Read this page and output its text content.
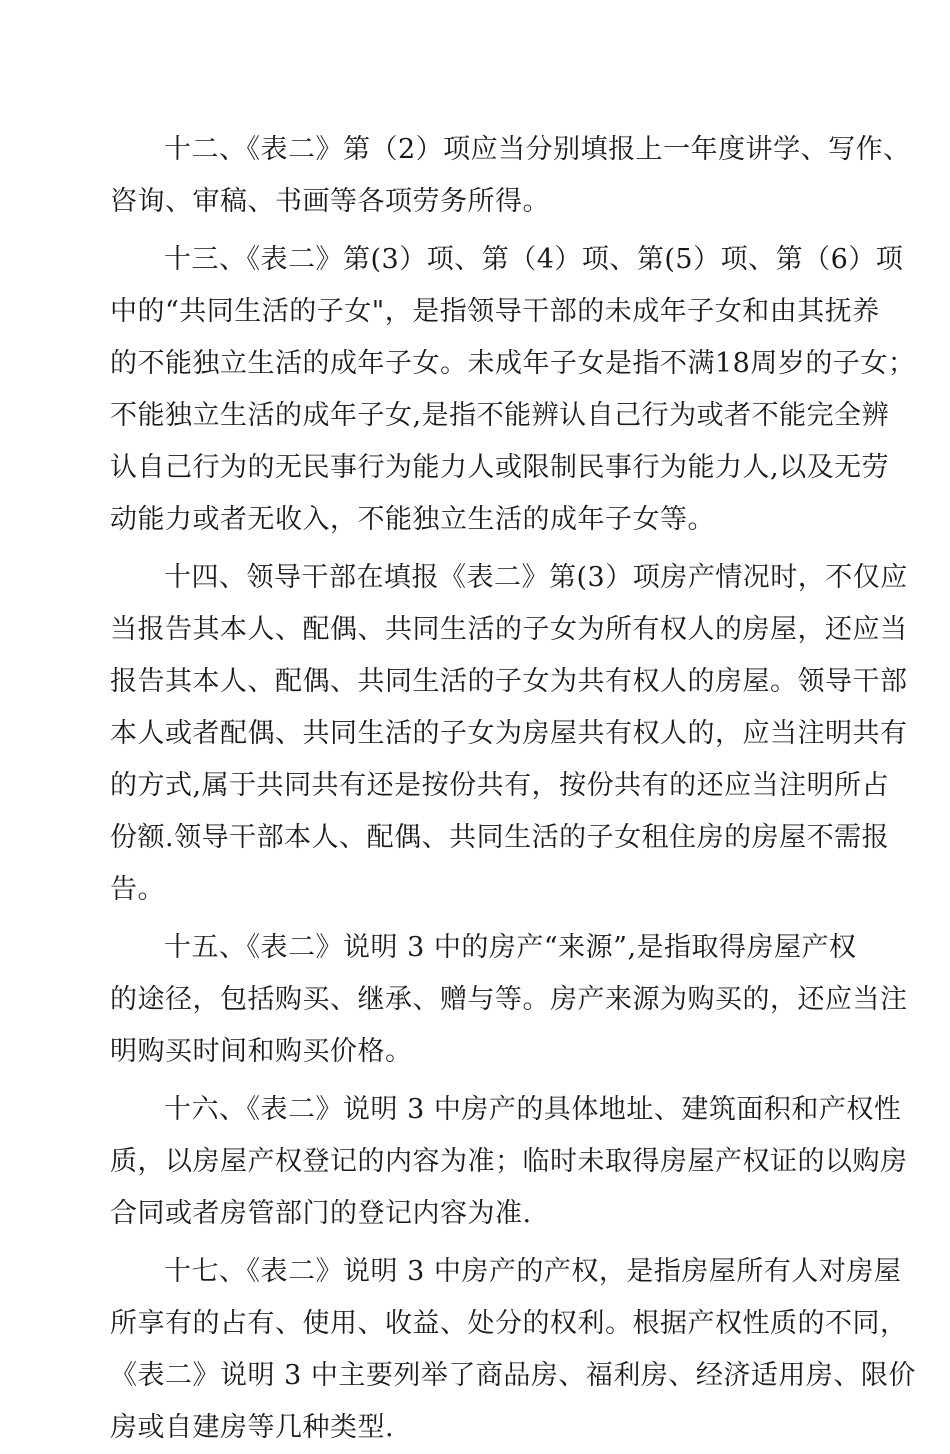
十二、《表二》第（2）项应当分别填报上一年度讲学、写作、
咨询、审稿、书画等各项劳务所得。
十三、《表二》第(3）项、第（4）项、第(5）项、第（6）项
中的“共同生活的子女"，是指领导干部的未成年子女和由其抚养
的不能独立生活的成年子女。未成年子女是指不满18周岁的子女；
不能独立生活的成年子女,是指不能辨认自己行为或者不能完全辨
认自己行为的无民事行为能力人或限制民事行为能力人,以及无劳
动能力或者无收入，不能独立生活的成年子女等。
十四、领导干部在填报《表二》第(3）项房产情况时，不仅应
当报告其本人、配偶、共同生活的子女为所有权人的房屋，还应当
报告其本人、配偶、共同生活的子女为共有权人的房屋。领导干部
本人或者配偶、共同生活的子女为房屋共有权人的，应当注明共有
的方式,属于共同共有还是按份共有，按份共有的还应当注明所占
份额.领导干部本人、配偶、共同生活的子女租住房的房屋不需报
告。
十五、《表二》说明 3 中的房产“来源”,是指取得房屋产权
的途径，包括购买、继承、赠与等。房产来源为购买的，还应当注
明购买时间和购买价格。
十六、《表二》说明 3 中房产的具体地址、建筑面积和产权性
质，以房屋产权登记的内容为准；临时未取得房屋产权证的以购房
合同或者房管部门的登记内容为准.
十七、《表二》说明 3 中房产的产权，是指房屋所有人对房屋
所享有的占有、使用、收益、处分的权利。根据产权性质的不同，
《表二》说明 3 中主要列举了商品房、福利房、经济适用房、限价
房或自建房等几种类型.
